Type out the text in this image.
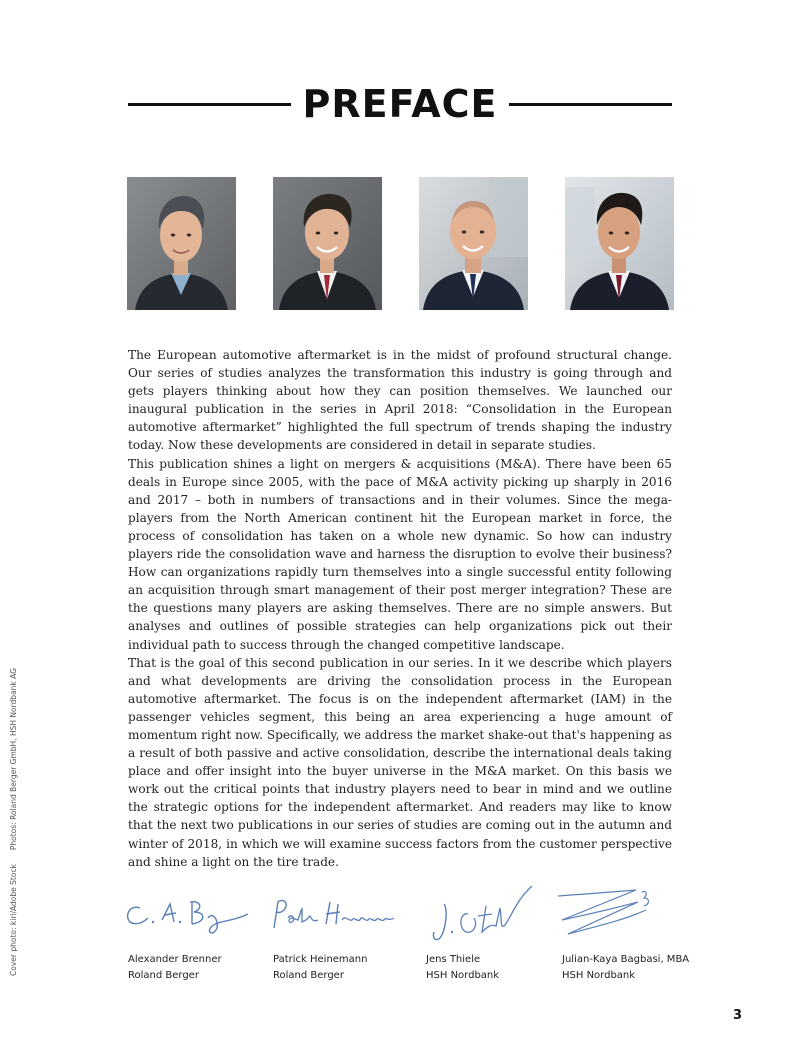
PREFACE

The European automotive aftermarket is in the midst of profound structural change. Our series of studies analyzes the transformation this industry is going through and gets players thinking about how they can position themselves. We launched our inaugural publication in the series in April 2018: “Consolidation in the European automotive aftermarket” highlighted the full spectrum of trends shaping the industry today. Now these developments are considered in detail in separate studies.

This publication shines a light on mergers & acquisitions (M&A). There have been 65 deals in Europe since 2005, with the pace of M&A activity picking up sharply in 2016 and 2017 – both in numbers of transactions and in their volumes. Since the mega-players from the North American continent hit the European market in force, the process of consolidation has taken on a whole new dynamic. So how can industry players ride the consolidation wave and harness the disruption to evolve their business? How can organizations rapidly turn themselves into a single successful entity following an acquisition through smart management of their post merger integration? These are the questions many players are asking themselves. There are no simple answers. But analyses and outlines of possible strategies can help organizations pick out their individual path to success through the changed competitive landscape.

That is the goal of this second publication in our series. In it we describe which players and what developments are driving the consolidation process in the European automotive aftermarket. The focus is on the independent aftermarket (IAM) in the passenger vehicles segment, this being an area experiencing a huge amount of momentum right now. Specifically, we address the market shake-out that's happening as a result of both passive and active consolidation, describe the international deals taking place and offer insight into the buyer universe in the M&A market. On this basis we work out the critical points that industry players need to bear in mind and we outline the strategic options for the independent aftermarket. And readers may like to know that the next two publications in our series of studies are coming out in the autumn and winter of 2018, in which we will examine success factors from the customer perspective and shine a light on the tire trade.

Alexander Brenner
Roland Berger
Patrick Heinemann
Roland Berger
Jens Thiele
HSH Nordbank
Julian-Kaya Bagbasi, MBA
HSH Nordbank
Cover photo: kiri/Adobe StockPhotos: Roland Berger GmbH, HSH Nordbank AG
3
